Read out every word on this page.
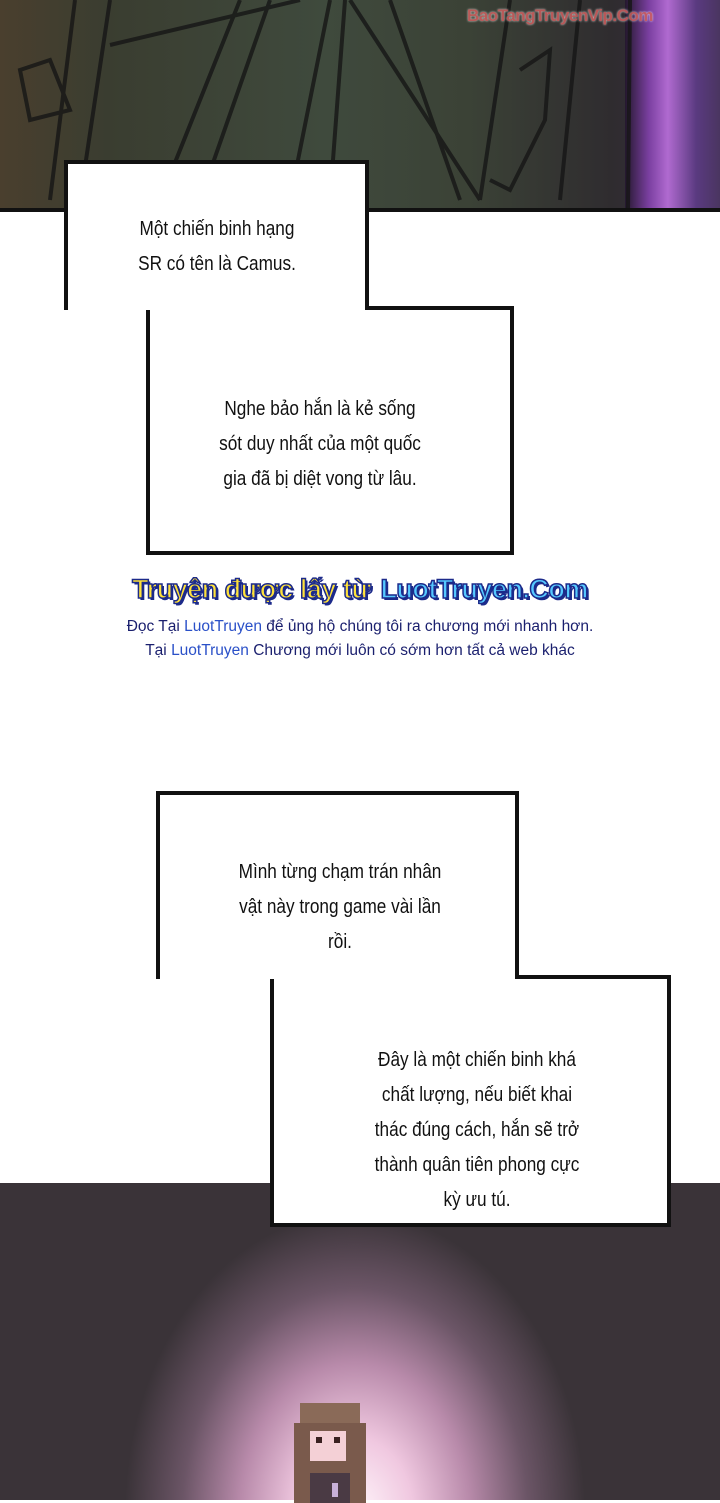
BaoTangTruyenVip.Com
Một chiến binh hạng
SR có tên là Camus.
Nghe bảo hắn là kẻ sống
sót duy nhất của một quốc
gia đã bị diệt vong từ lâu.
Mình từng chạm trán nhân
vật này trong game vài lần
rồi.
Đây là một chiến binh khá
chất lượng, nếu biết khai
thác đúng cách, hắn sẽ trở
thành quân tiên phong cực
kỳ ưu tú.
Truyện được lấy từ LuotTruyen.Com
Đọc Tại LuotTruyen để ủng hộ chúng tôi ra chương mới nhanh hơn.
Tại LuotTruyen Chương mới luôn có sớm hơn tất cả web khác
